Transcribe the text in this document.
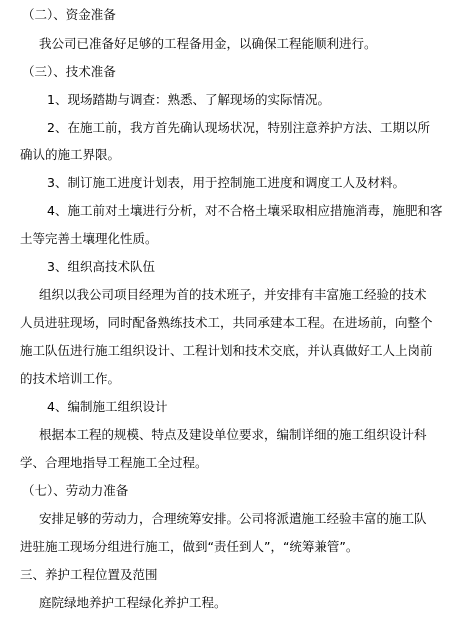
（二）、资金准备
我公司已准备好足够的工程备用金，以确保工程能顺利进行。
（三）、技术准备
1、现场踏勘与调查：熟悉、了解现场的实际情况。
2、在施工前，我方首先确认现场状况，特别注意养护方法、工期以所
确认的施工界限。
3、制订施工进度计划表，用于控制施工进度和调度工人及材料。
4、施工前对土壤进行分析，对不合格土壤采取相应措施消毒，施肥和客
土等完善土壤理化性质。
3、组织高技术队伍
组织以我公司项目经理为首的技术班子，并安排有丰富施工经验的技术
人员进驻现场，同时配备熟练技术工，共同承建本工程。在进场前，向整个
施工队伍进行施工组织设计、工程计划和技术交底，并认真做好工人上岗前
的技术培训工作。
4、编制施工组织设计
根据本工程的规模、特点及建设单位要求，编制详细的施工组织设计科
学、合理地指导工程施工全过程。
（七）、劳动力准备
安排足够的劳动力，合理统筹安排。公司将派遣施工经验丰富的施工队
进驻施工现场分组进行施工，做到“责任到人”，“统筹兼管”。
三、养护工程位置及范围
庭院绿地养护工程绿化养护工程。
